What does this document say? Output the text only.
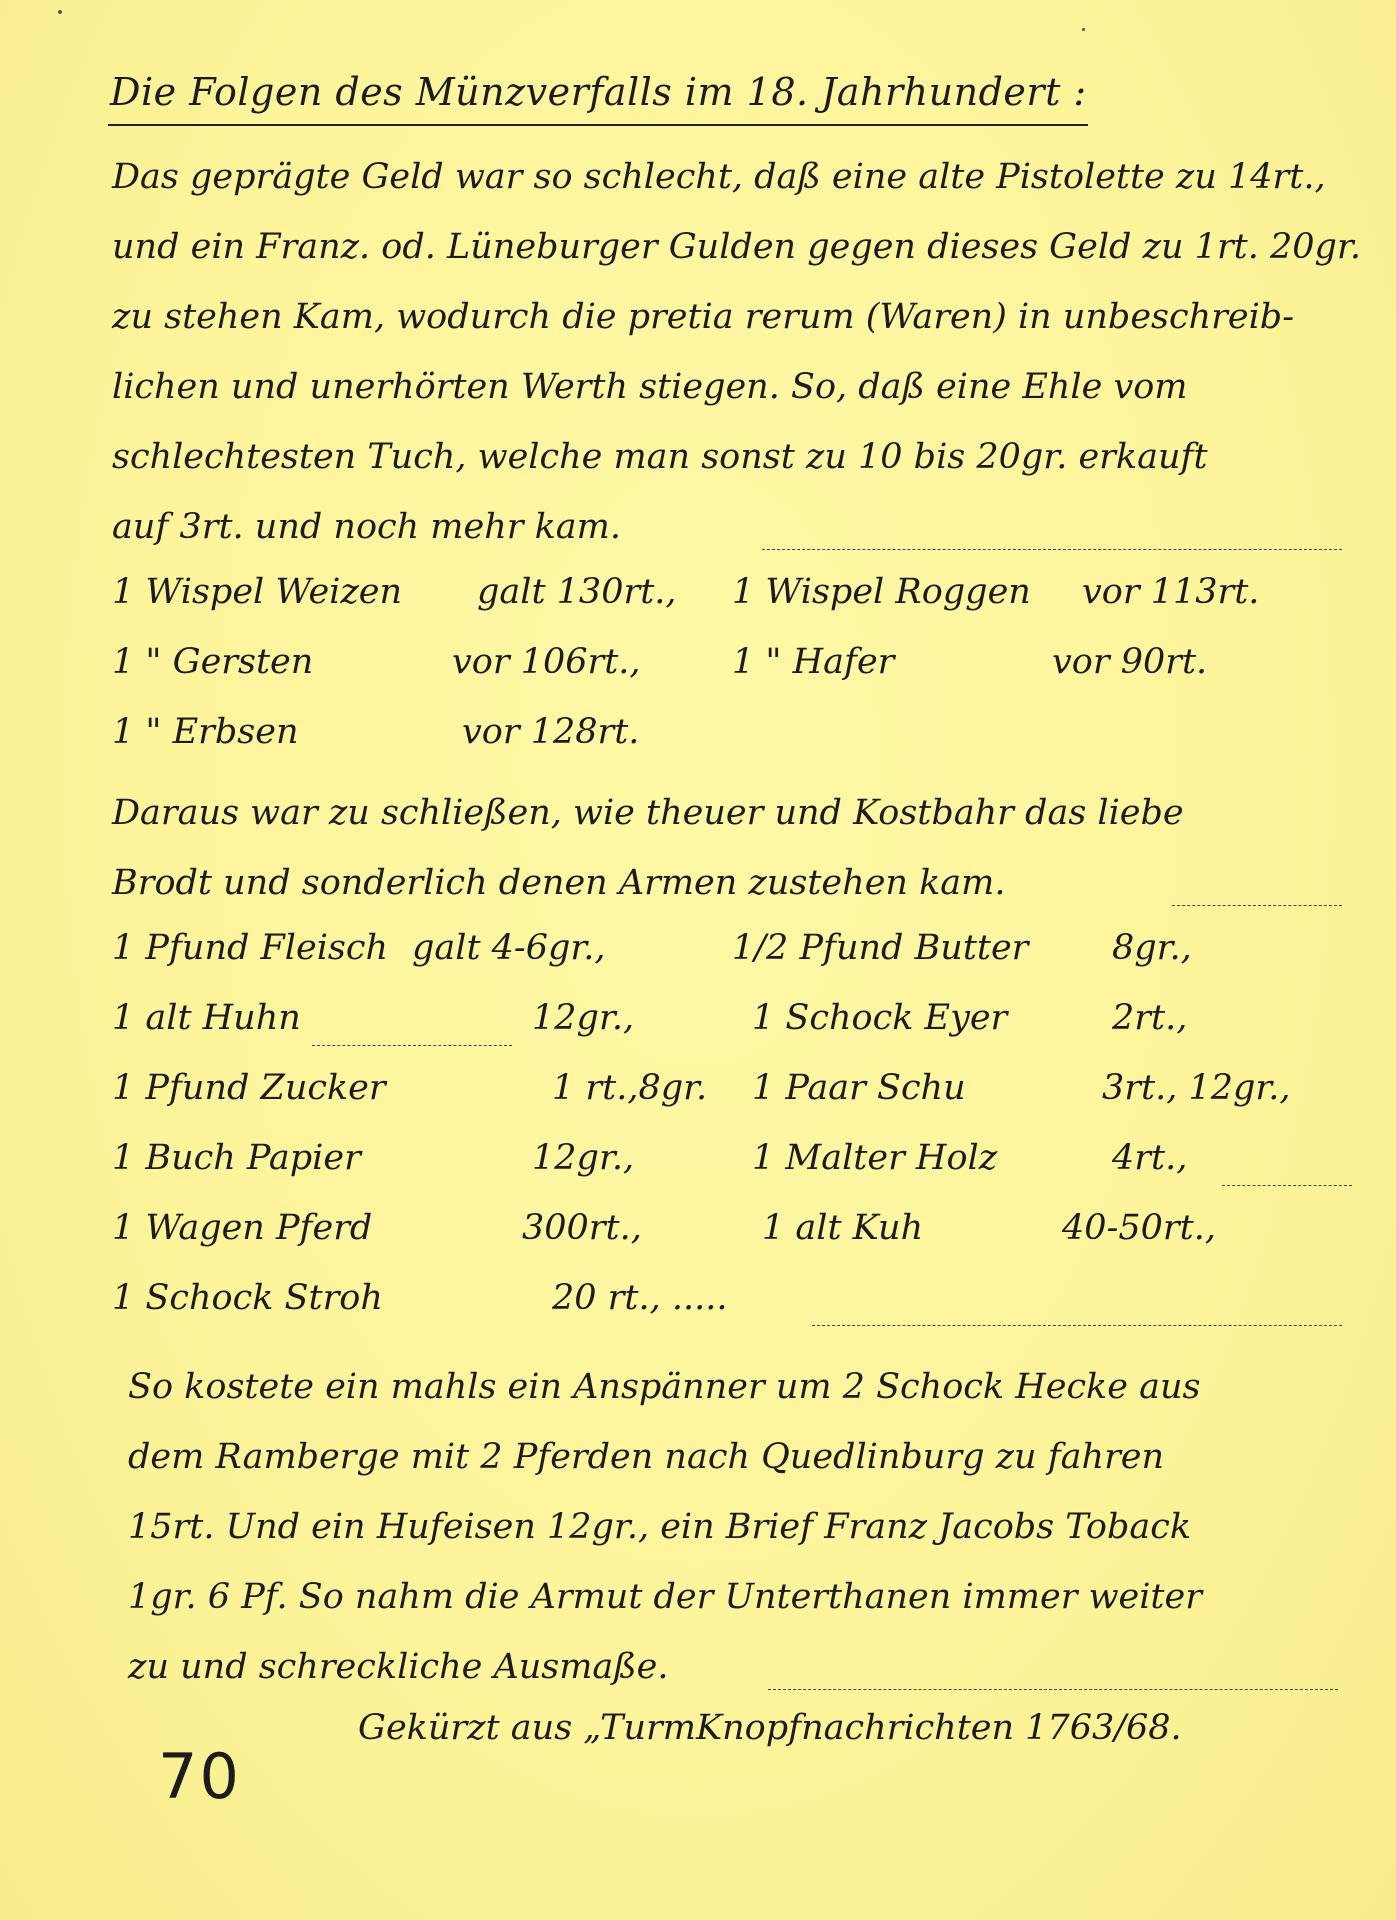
Die Folgen des Münzverfalls im 18. Jahrhundert :
Das geprägte Geld war so schlecht, daß eine alte Pistolette zu 14rt.,
und ein Franz. od. Lüneburger Gulden gegen dieses Geld zu 1rt. 20gr.
zu stehen Kam, wodurch die pretia rerum (Waren) in unbeschreib-
lichen und unerhörten Werth stiegen. So, daß eine Ehle vom
schlechtesten Tuch, welche man sonst zu 10 bis 20gr. erkauft
auf 3rt. und noch mehr kam.
1 Wispel Weizen galt 130rt., 1 Wispel Roggen vor 113rt.
1 " Gersten	vor 106rt.,	1 " Hafer	vor 90rt.
1 " Erbsen	vor 128rt.
Daraus war zu schließen, wie theuer und Kostbahr das liebe
Brodt und sonderlich denen Armen zustehen kam.
1 Pfund Fleisch galt 4-6gr.,	1/2 Pfund Butter 8gr.,
1 alt Huhn	12gr.,	1 Schock Eyer	2rt.,
1 Pfund Zucker	1 rt.,8gr. 1 Paar Schu	3rt., 12gr.,
1 Buch Papier	12gr.,	1 Malter Holz	4rt.,
1 Wagen Pferd	300rt.,	1 alt Kuh	40-50rt.,
1 Schock Stroh	20 rt., .....
So kostete ein mahls ein Anspänner um 2 Schock Hecke aus
dem Ramberge mit 2 Pferden nach Quedlinburg zu fahren
15rt. Und ein Hufeisen 12gr., ein Brief Franz Jacobs Toback
1gr. 6 Pf. So nahm die Armut der Unterthanen immer weiter
zu und schreckliche Ausmaße.
Gekürzt aus „TurmKnopfnachrichten 1763/68.
70
